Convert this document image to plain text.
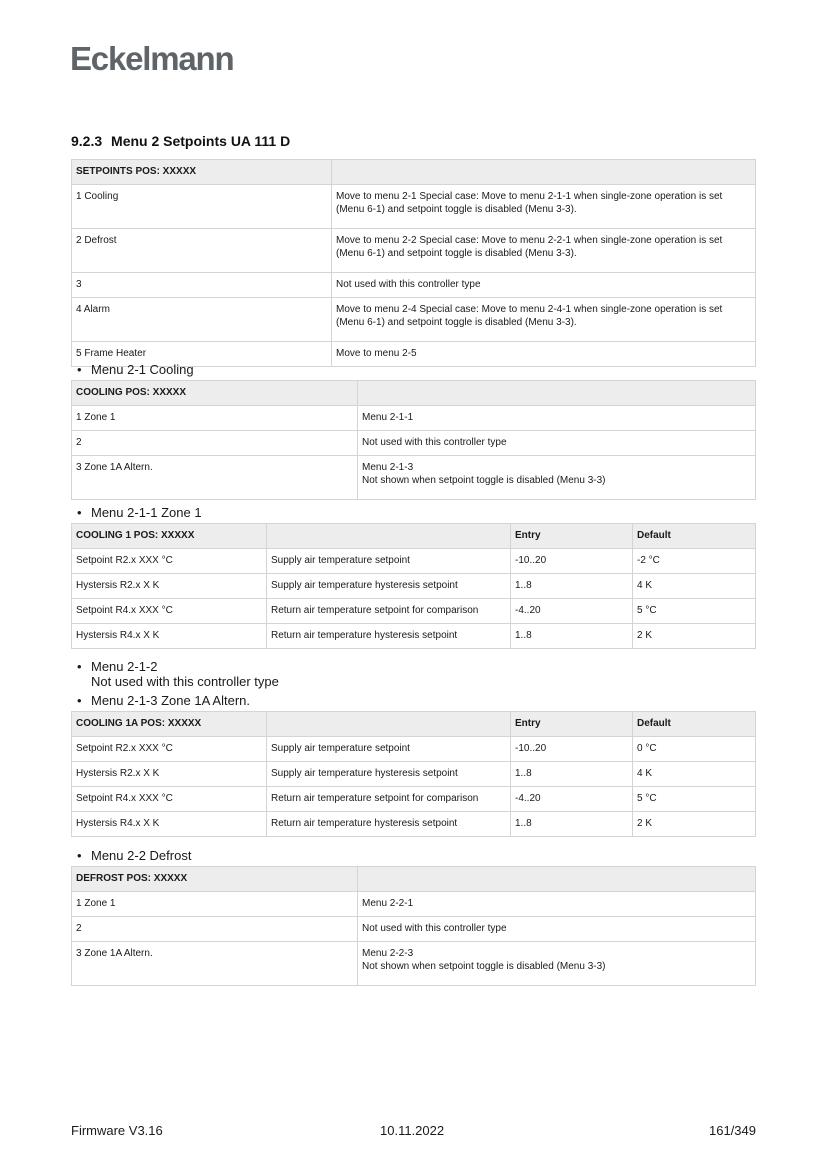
Eckelmann
9.2.3 Menu 2 Setpoints UA 111 D
SETPOINTS POS: XXXXX	
1 Cooling	Move to menu 2-1 Special case: Move to menu 2-1-1 when single-zone operation is set (Menu 6-1) and setpoint toggle is disabled (Menu 3-3).
2 Defrost	Move to menu 2-2 Special case: Move to menu 2-2-1 when single-zone operation is set (Menu 6-1) and setpoint toggle is disabled (Menu 3-3).
3	Not used with this controller type
4 Alarm	Move to menu 2-4 Special case: Move to menu 2-4-1 when single-zone operation is set (Menu 6-1) and setpoint toggle is disabled (Menu 3-3).
5 Frame Heater	Move to menu 2-5
• Menu 2-1 Cooling
COOLING POS: XXXXX	
1 Zone 1	Menu 2-1-1
2	Not used with this controller type
3 Zone 1A Altern.	Menu 2-1-3
Not shown when setpoint toggle is disabled (Menu 3-3)
• Menu 2-1-1 Zone 1
COOLING 1 POS: XXXXX		Entry	Default
Setpoint R2.x XXX °C	Supply air temperature setpoint	-10..20	-2 °C
Hystersis R2.x X K	Supply air temperature hysteresis setpoint	1..8	4 K
Setpoint R4.x XXX °C	Return air temperature setpoint for comparison	-4..20	5 °C
Hystersis R4.x X K	Return air temperature hysteresis setpoint	1..8	2 K
• Menu 2-1-2
Not used with this controller type
• Menu 2-1-3 Zone 1A Altern.
COOLING 1A POS: XXXXX		Entry	Default
Setpoint R2.x XXX °C	Supply air temperature setpoint	-10..20	0 °C
Hystersis R2.x X K	Supply air temperature hysteresis setpoint	1..8	4 K
Setpoint R4.x XXX °C	Return air temperature setpoint for comparison	-4..20	5 °C
Hystersis R4.x X K	Return air temperature hysteresis setpoint	1..8	2 K
• Menu 2-2 Defrost
DEFROST POS: XXXXX	
1 Zone 1	Menu 2-2-1
2	Not used with this controller type
3 Zone 1A Altern.	Menu 2-2-3
Not shown when setpoint toggle is disabled (Menu 3-3)
Firmware V3.16	10.11.2022	161/349
